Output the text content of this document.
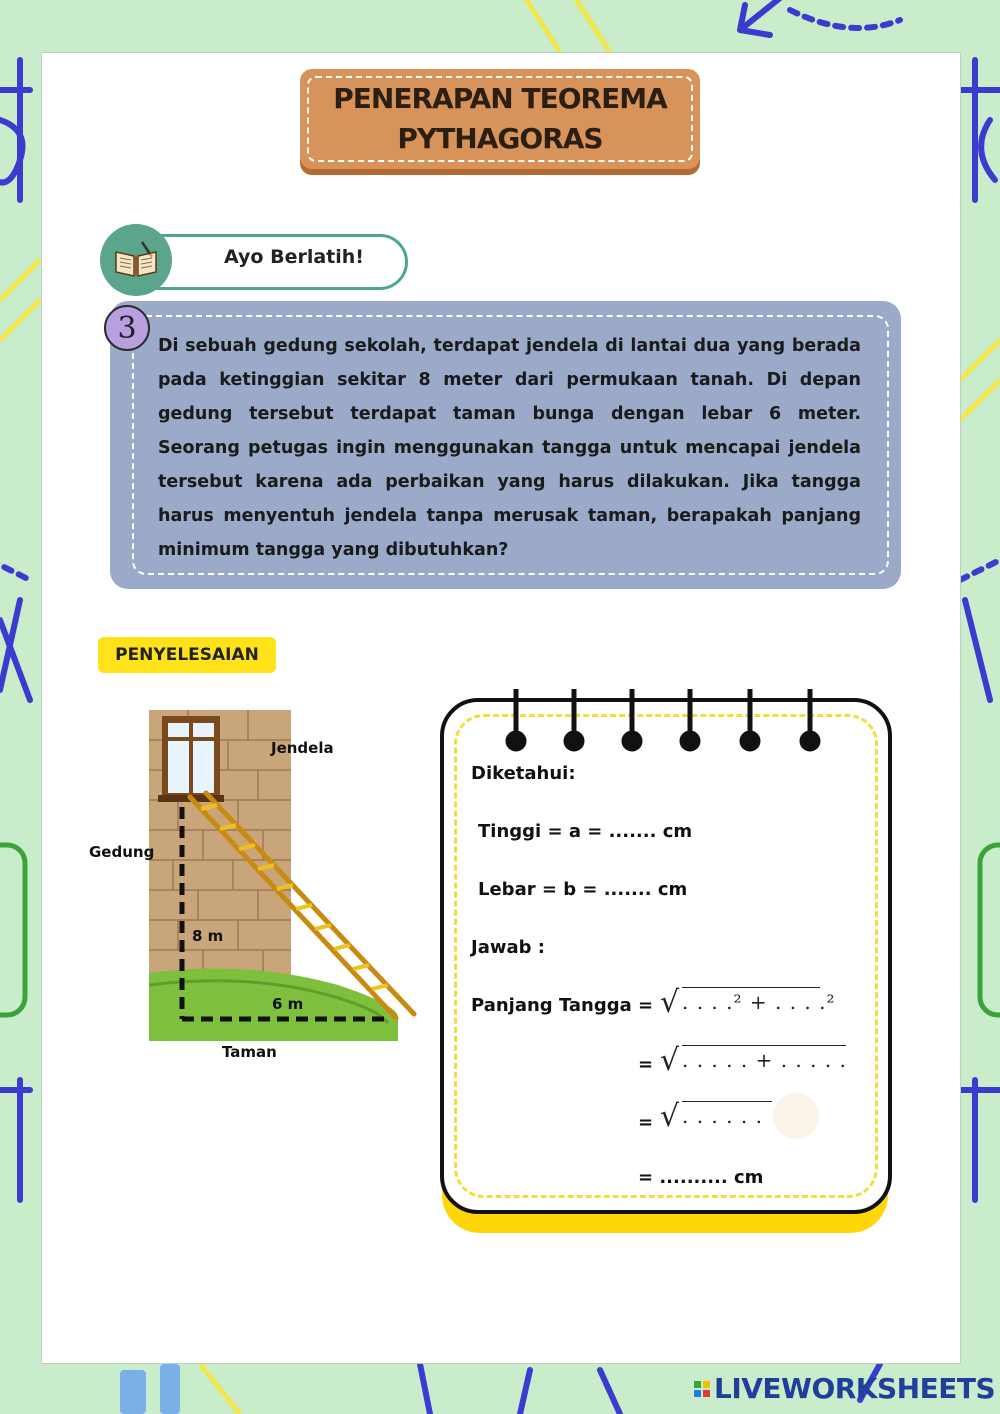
PENERAPAN TEOREMA
PYTHAGORAS
Ayo Berlatih!
Di sebuah gedung sekolah, terdapat jendela di lantai dua yang berada pada ketinggian sekitar 8 meter dari permukaan tanah. Di depan gedung tersebut terdapat taman bunga dengan lebar 6 meter. Seorang petugas ingin menggunakan tangga untuk mencapai jendela tersebut karena ada perbaikan yang harus dilakukan. Jika tangga harus menyentuh jendela tanpa merusak taman, berapakah panjang minimum tangga yang dibutuhkan?
3
PENYELESAIAN
Jendela
Gedung
8 m
6 m
Taman
Diketahui:
Tinggi = a = ....... cm
Lebar = b = ....... cm
Jawab :
Panjang Tangga = √ . . . .² + . . . .²
= √ . . . . . + . . . . .
= √ . . . . . .
= .......... cm
LIVEWORKSHEETS
